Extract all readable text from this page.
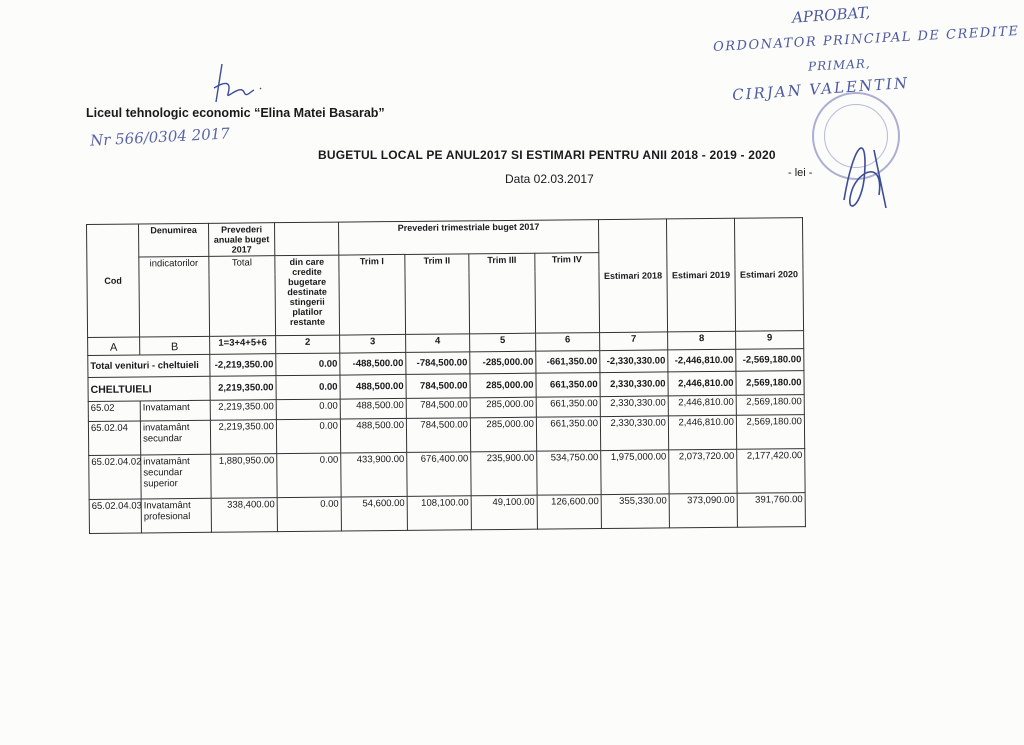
APROBAT,
ORDONATOR PRINCIPAL DE CREDITE
PRIMAR,
CIRJAN VALENTIN
Liceul tehnologic economic “Elina Matei Basarab”
Nr 566/0304 2017
BUGETUL LOCAL PE ANUL2017 SI ESTIMARI PENTRU ANII 2018 - 2019 - 2020
Data 02.03.2017	- lei -
Cod	Denumirea	Prevederi anuale buget 2017		Prevederi trimestriale buget 2017				Estimari 2018	Estimari 2019	Estimari 2020
	indicatorilor	Total	din care credite bugetare destinate stingerii platilor restante	Trim I	Trim II	Trim III	Trim IV			

A	B	1=3+4+5+6	2	3	4	5	6	7	8	9
Total venituri - cheltuieli		-2,219,350.00	0.00	-488,500.00	-784,500.00	-285,000.00	-661,350.00	-2,330,330.00	-2,446,810.00	-2,569,180.00
CHELTUIELI		2,219,350.00	0.00	488,500.00	784,500.00	285,000.00	661,350.00	2,330,330.00	2,446,810.00	2,569,180.00
65.02	Invatamant	2,219,350.00	0.00	488,500.00	784,500.00	285,000.00	661,350.00	2,330,330.00	2,446,810.00	2,569,180.00
65.02.04	invatamânt secundar	2,219,350.00	0.00	488,500.00	784,500.00	285,000.00	661,350.00	2,330,330.00	2,446,810.00	2,569,180.00
65.02.04.02	invatamânt secundar superior	1,880,950.00	0.00	433,900.00	676,400.00	235,900.00	534,750.00	1,975,000.00	2,073,720.00	2,177,420.00
65.02.04.03	Invatamânt profesional	338,400.00	0.00	54,600.00	108,100.00	49,100.00	126,600.00	355,330.00	373,090.00	391,760.00
